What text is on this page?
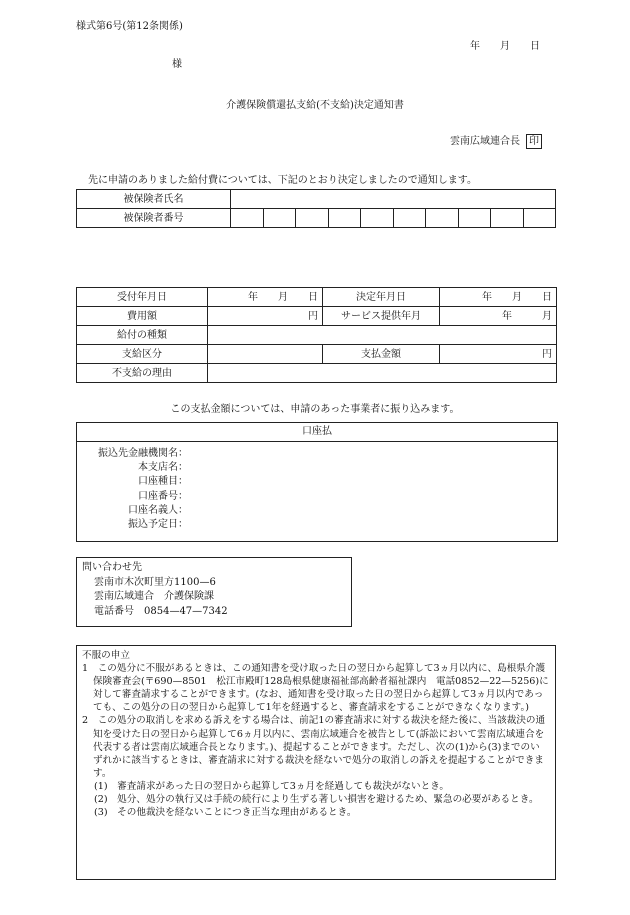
様式第6号(第12条関係)
年　　月　　日
様
介護保険償還払支給(不支給)決定通知書
雲南広域連合長 印
先に申請のありました給付費については、下記のとおり決定しましたので通知します。
被保険者氏名										
被保険者番号										
受付年月日	年　　月　　日	決定年月日	年　　月　　日
費用額	円	サービス提供年月	年　　　月
給付の種類			
支給区分		支払金額	円
不支給の理由			
この支払金額については、申請のあった事業者に振り込みます。
口座払
振込先金融機関名：
本支店名：
口座種目：
口座番号：
口座名義人：
振込予定日：
問い合わせ先
雲南市木次町里方1100—6
雲南広域連合　介護保険課
電話番号　0854—47—7342
不服の申立
1　この処分に不服があるときは、この通知書を受け取った日の翌日から起算して3ヵ月以内に、島根県介護保険審査会(〒690—8501　松江市殿町128島根県健康福祉部高齢者福祉課内　電話0852—22—5256)に対して審査請求することができます。(なお、通知書を受け取った日の翌日から起算して3ヵ月以内であっても、この処分の日の翌日から起算して1年を経過すると、審査請求をすることができなくなります。)
2　この処分の取消しを求める訴えをする場合は、前記1の審査請求に対する裁決を経た後に、当該裁決の通知を受けた日の翌日から起算して6ヵ月以内に、雲南広域連合を被告として(訴訟において雲南広域連合を代表する者は雲南広域連合長となります。)、提起することができます。ただし、次の(1)から(3)までのいずれかに該当するときは、審査請求に対する裁決を経ないで処分の取消しの訴えを提起することができます。
(1)　審査請求があった日の翌日から起算して3ヵ月を経過しても裁決がないとき。
(2)　処分、処分の執行又は手続の続行により生ずる著しい損害を避けるため、緊急の必要があるとき。
(3)　その他裁決を経ないことにつき正当な理由があるとき。
